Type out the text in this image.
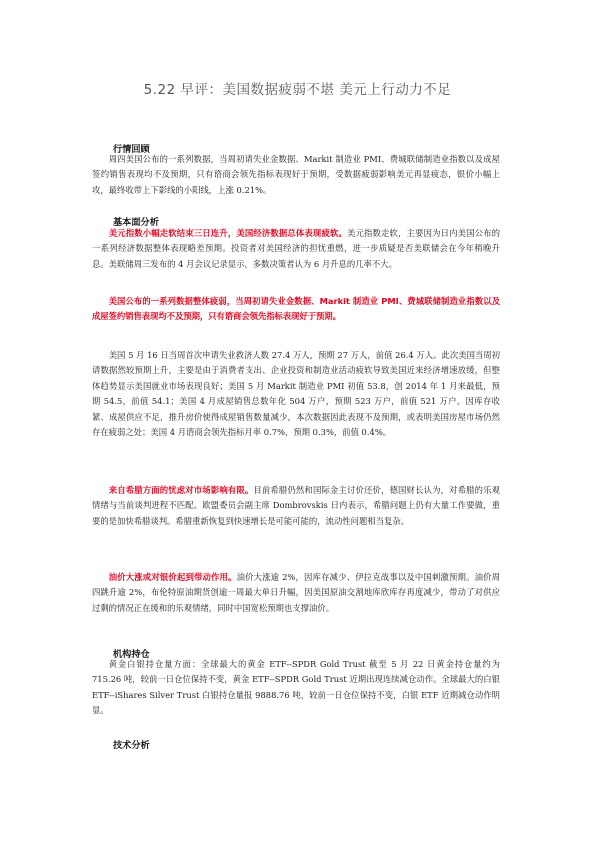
5.22 早评：美国数据疲弱不堪 美元上行动力不足
行情回顾

周四美国公布的一系列数据，当周初请失业金数据、Markit 制造业 PMI、费城联储制造业指数以及成屋签约销售表现均不及预期，只有谘商会领先指标表现好于预期，受数据疲弱影响美元再显疲态，银价小幅上攻，最终收带上下影线的小阳线，上涨 0.21%。

基本面分析

美元指数小幅走软结束三日连升，美国经济数据总体表现疲软。美元指数走软，主要因为日内美国公布的一系列经济数据整体表现略差预期。投资者对美国经济的担忧重燃，进一步质疑是否美联储会在今年稍晚升息。美联储周三发布的 4 月会议记录显示，多数决策者认为 6 月升息的几率不大。

美国公布的一系列数据整体疲弱，当周初请失业金数据、Markit 制造业 PMI、费城联储制造业指数以及成屋签约销售表现均不及预期，只有谘商会领先指标表现好于预期。

美国 5 月 16 日当周首次申请失业救济人数 27.4 万人，预期 27 万人，前值 26.4 万人。此次美国当周初请数据然较预期上升，主要是由于消费者支出、企业投资和制造业活动疲软导致美国近来经济增速放缓，但整体趋势显示美国就业市场表现良好；美国 5 月 Markit 制造业 PMI 初值 53.8，创 2014 年 1 月来最低，预期 54.5，前值 54.1；美国 4 月成屋销售总数年化 504 万户，预期 523 万户，前值 521 万户。因库存收紧、成屋供应不足，推升房价使得成屋销售数量减少，本次数据因此表现不及预期，或表明美国房屋市场仍然存在疲弱之处；美国 4 月谘商会领先指标月率 0.7%，预期 0.3%，前值 0.4%。

来自希腊方面的忧虑对市场影响有限。目前希腊仍然和国际金主讨价还价，德国财长认为，对希腊的乐观情绪与当前谈判进程不匹配。欧盟委员会副主席 Dombrovskis 日内表示，希腊问题上仍有大量工作要做，重要的是加快希腊谈判。希腊重新恢复到快速增长是可能可能的，流动性问题相当复杂。

油价大涨或对银价起到带动作用。油价大涨逾 2%，因库存减少、伊拉克战事以及中国刺激预期。油价周四跳升逾 2%，布伦特原油期货创逾一周最大单日升幅，因美国原油交割地库欣库存再度减少，带动了对供应过剩的情况正在缓和的乐观情绪，同时中国宽松预期也支撑油价。

机构持仓

黄金白银持仓量方面：全球最大的黄金 ETF--SPDR Gold Trust 截至 5 月 22 日黄金持仓量约为 715.26 吨，较前一日仓位保持不变，黄金 ETF--SPDR Gold Trust 近期出现连续减仓动作。全球最大的白银 ETF--iShares Silver Trust 白银持仓量报 9888.76 吨，较前一日仓位保持不变，白银 ETF 近期减仓动作明显。

技术分析
